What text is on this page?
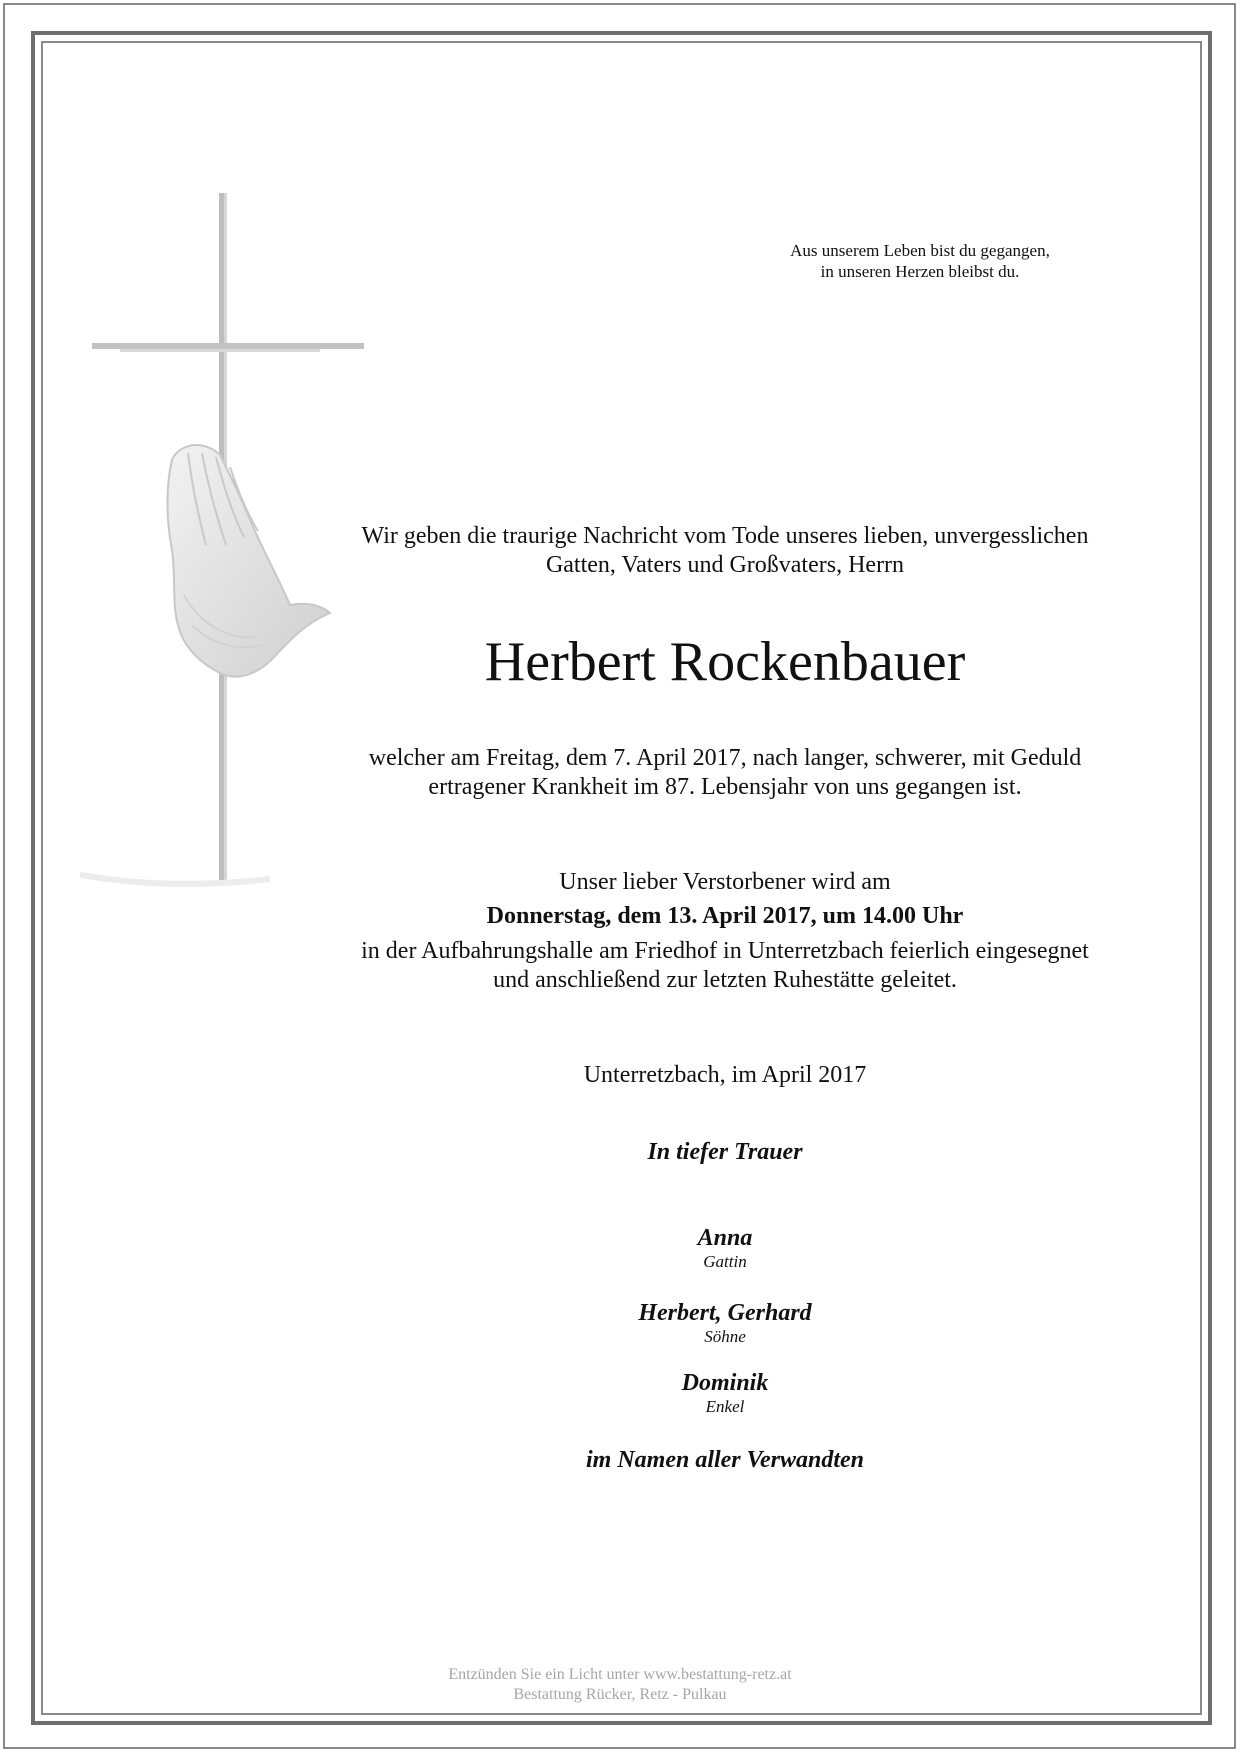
Aus unserem Leben bist du gegangen,
in unseren Herzen bleibst du.
Wir geben die traurige Nachricht vom Tode unseres lieben, unvergesslichen
Gatten, Vaters und Großvaters, Herrn
Herbert Rockenbauer
welcher am Freitag, dem 7. April 2017, nach langer, schwerer, mit Geduld
ertragener Krankheit im 87. Lebensjahr von uns gegangen ist.
Unser lieber Verstorbener wird am
Donnerstag, dem 13. April 2017, um 14.00 Uhr
in der Aufbahrungshalle am Friedhof in Unterretzbach feierlich eingesegnet
und anschließend zur letzten Ruhestätte geleitet.
Unterretzbach, im April 2017
In tiefer Trauer
Anna
Gattin
Herbert, Gerhard
Söhne
Dominik
Enkel
im Namen aller Verwandten
Entzünden Sie ein Licht unter www.bestattung-retz.at
Bestattung Rücker, Retz - Pulkau
